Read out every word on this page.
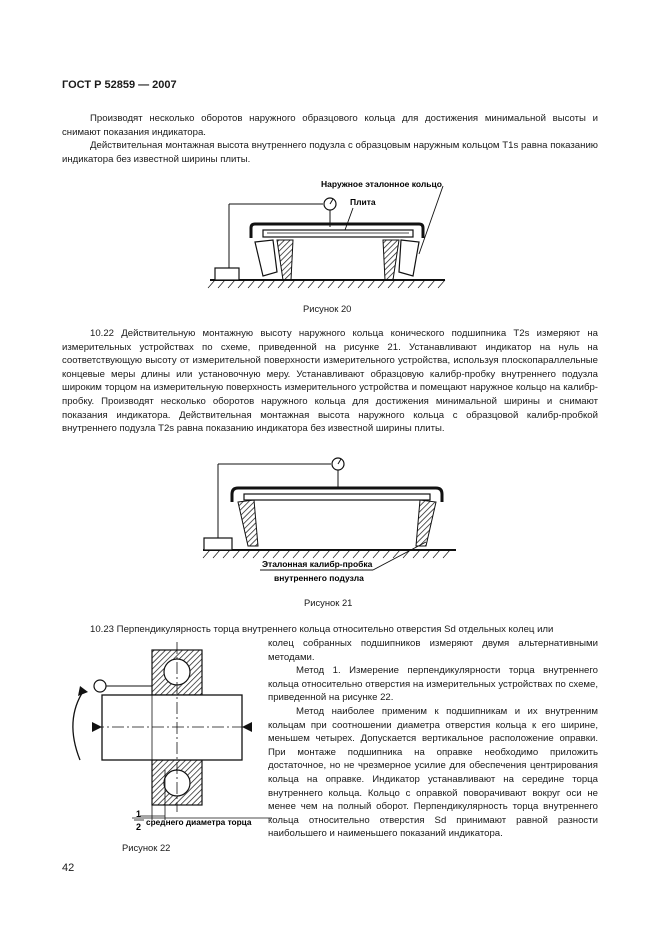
ГОСТ Р 52859 — 2007

Производят несколько оборотов наружного образцового кольца для достижения минимальной высоты и снимают показания индикатора.

Действительная монтажная высота внутреннего подузла с образцовым наружным кольцом T1s равна показанию индикатора без известной ширины плиты.

Наружное эталонное кольцо
Плита
Рисунок 20

10.22 Действительную монтажную высоту наружного кольца конического подшипника T2s измеряют на измерительных устройствах по схеме, приведенной на рисунке 21. Устанавливают индикатор на нуль на соответствующую высоту от измерительной поверхности измерительного устройства, используя плоскопараллельные концевые меры длины или установочную меру. Устанавливают образцовую калибр-пробку внутреннего подузла широким торцом на измерительную поверхность измерительного устройства и помещают наружное кольцо на калибр-пробку. Производят несколько оборотов наружного кольца для достижения минимальной ширины и снимают показания индикатора. Действительная монтажная высота наружного кольца с образцовой калибр-пробкой внутреннего подузла T2s равна показанию индикатора без известной ширины плиты.

Эталонная калибр-пробка
внутреннего подузла
Рисунок 21

10.23 Перпендикулярность торца внутреннего кольца относительно отверстия Sd отдельных колец или

колец собранных подшипников измеряют двумя альтернативными методами.

Метод 1. Измерение перпендикулярности торца внутреннего кольца относительно отверстия на измерительных устройствах по схеме, приведенной на рисунке 22.

Метод наиболее применим к подшипникам и их внутренним кольцам при соотношении диаметра отверстия кольца к его ширине, меньшем четырех. Допускается вертикальное расположение оправки. При монтаже подшипника на оправке необходимо приложить достаточное, но не чрезмерное усилие для обеспечения центрирования кольца на оправке. Индикатор устанавливают на середине торца внутреннего кольца. Кольцо с оправкой поворачивают вокруг оси не менее чем на полный оборот. Перпендикулярность торца внутреннего кольца относительно отверстия Sd принимают равной разности наибольшего и наименьшего показаний индикатора.

1
2 среднего диаметра торца
Рисунок 22
42
